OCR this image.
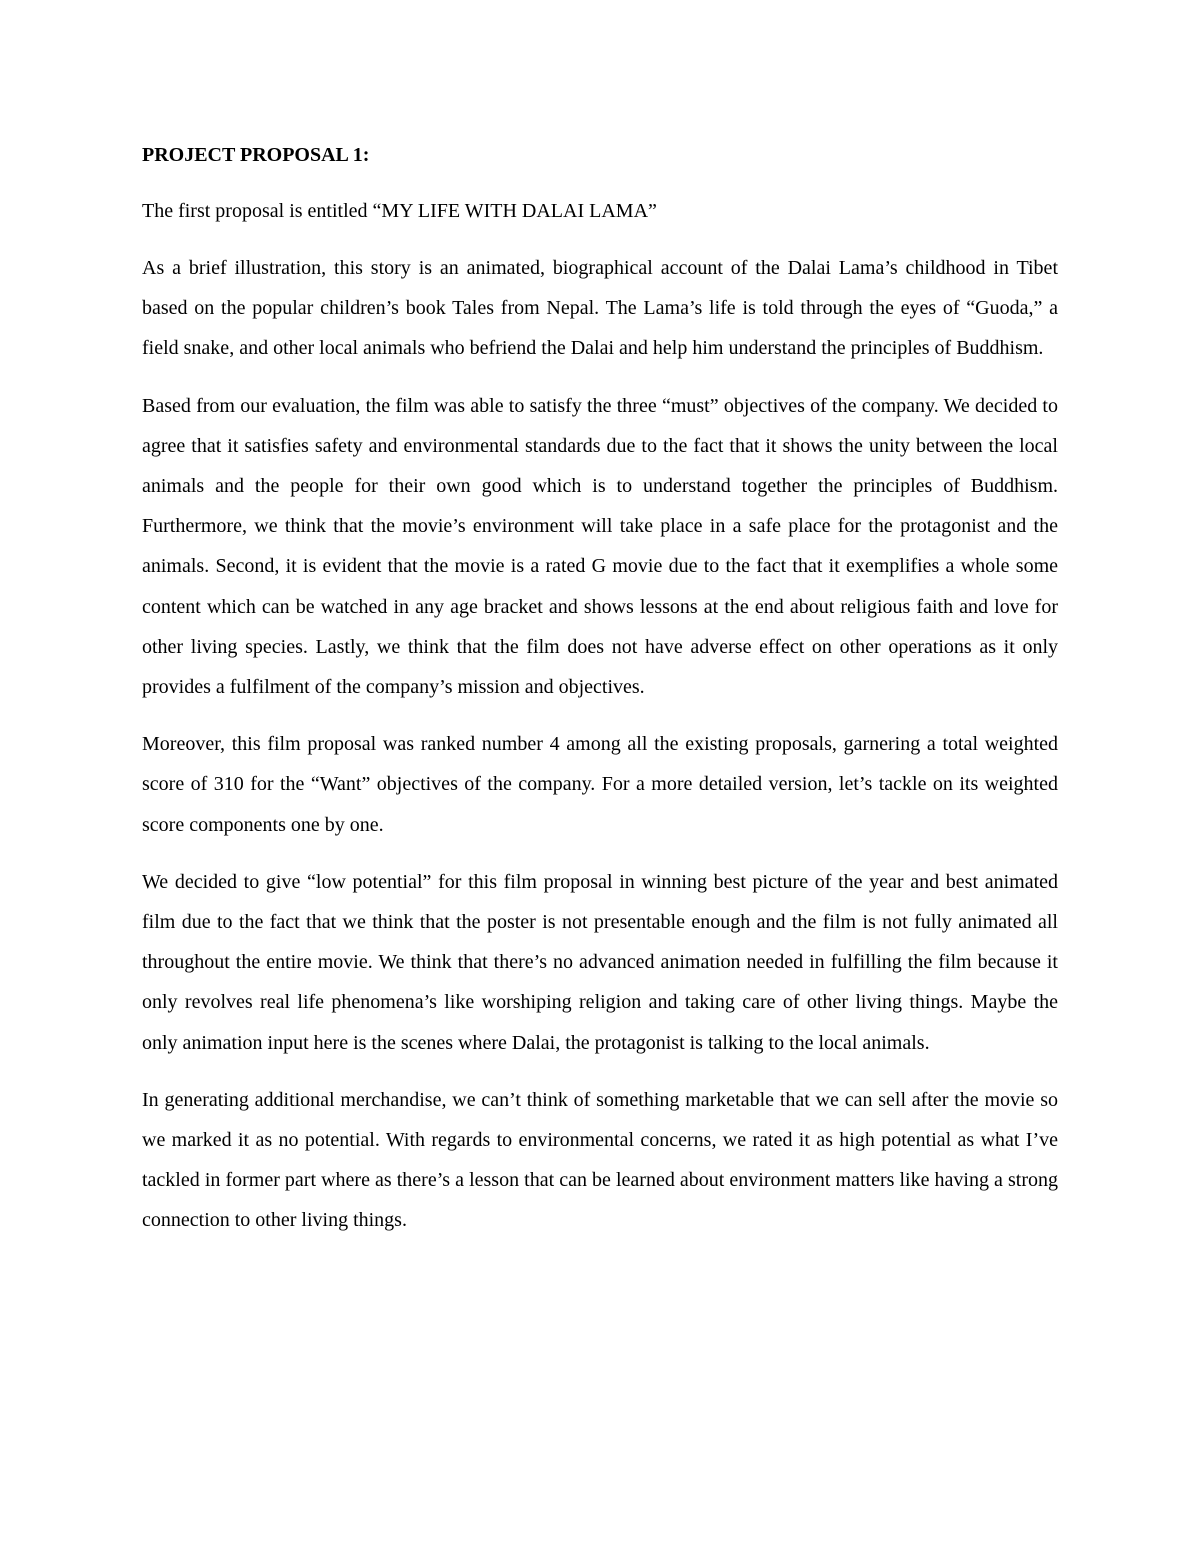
PROJECT PROPOSAL 1:

The first proposal is entitled “MY LIFE WITH DALAI LAMA”

As a brief illustration, this story is an animated, biographical account of the Dalai Lama’s childhood in Tibet based on the popular children’s book Tales from Nepal. The Lama’s life is told through the eyes of “Guoda,” a field snake, and other local animals who befriend the Dalai and help him understand the principles of Buddhism.

Based from our evaluation, the film was able to satisfy the three “must” objectives of the company. We decided to agree that it satisfies safety and environmental standards due to the fact that it shows the unity between the local animals and the people for their own good which is to understand together the principles of Buddhism. Furthermore, we think that the movie’s environment will take place in a safe place for the protagonist and the animals. Second, it is evident that the movie is a rated G movie due to the fact that it exemplifies a whole some content which can be watched in any age bracket and shows lessons at the end about religious faith and love for other living species. Lastly, we think that the film does not have adverse effect on other operations as it only provides a fulfilment of the company’s mission and objectives.

Moreover, this film proposal was ranked number 4 among all the existing proposals, garnering a total weighted score of 310 for the “Want” objectives of the company. For a more detailed version, let’s tackle on its weighted score components one by one.

We decided to give “low potential” for this film proposal in winning best picture of the year and best animated film due to the fact that we think that the poster is not presentable enough and the film is not fully animated all throughout the entire movie. We think that there’s no advanced animation needed in fulfilling the film because it only revolves real life phenomena’s like worshiping religion and taking care of other living things. Maybe the only animation input here is the scenes where Dalai, the protagonist is talking to the local animals.

In generating additional merchandise, we can’t think of something marketable that we can sell after the movie so we marked it as no potential. With regards to environmental concerns, we rated it as high potential as what I’ve tackled in former part where as there’s a lesson that can be learned about environment matters like having a strong connection to other living things.
